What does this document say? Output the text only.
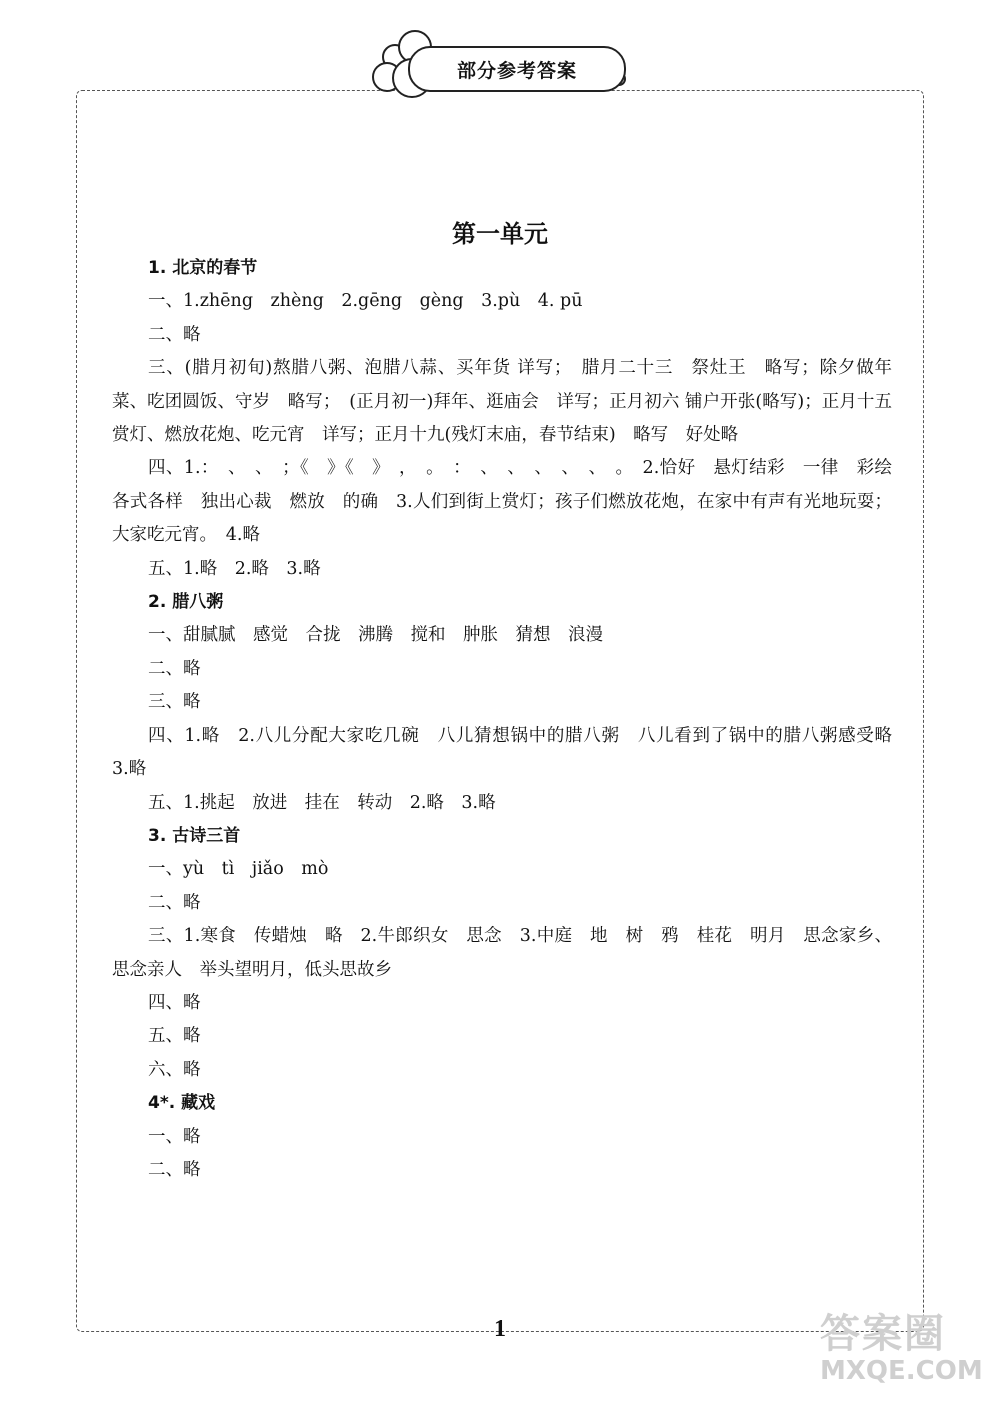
部分参考答案
第一单元
1. 北京的春节
一、1.zhēng　zhèng　2.gēng　gèng　3.pù　4. pū
二、略
三、(腊月初旬)熬腊八粥、泡腊八蒜、买年货 详写；　腊月二十三　祭灶王　略写；除夕做年菜、吃团圆饭、守岁　略写；　(正月初一)拜年、逛庙会　详写；正月初六 铺户开张(略写)；正月十五　赏灯、燃放花炮、吃元宵　详写；正月十九(残灯末庙，春节结束)　略写　好处略
四、1.：　、　、　；《　》《　》　，　。　：　、　、　、　、　、　。　2.恰好　悬灯结彩　一律　彩绘　各式各样　独出心裁　燃放　的确　3.人们到街上赏灯；孩子们燃放花炮，在家中有声有光地玩耍；大家吃元宵。　4.略
五、1.略　2.略　3.略
2. 腊八粥
一、甜腻腻　感觉　合拢　沸腾　搅和　肿胀　猜想　浪漫
二、略
三、略
四、1.略　2.八儿分配大家吃几碗　八儿猜想锅中的腊八粥　八儿看到了锅中的腊八粥感受略　3.略
五、1.挑起　放进　挂在　转动　2.略　3.略
3. 古诗三首
一、yù　tì　jiǎo　mò
二、略
三、1.寒食　传蜡烛　略　2.牛郎织女　思念　3.中庭　地　树　鸦　桂花　明月　思念家乡、思念亲人　举头望明月，低头思故乡
四、略
五、略
六、略
4*. 藏戏
一、略
二、略
1	答案圈
MXQE.COM
